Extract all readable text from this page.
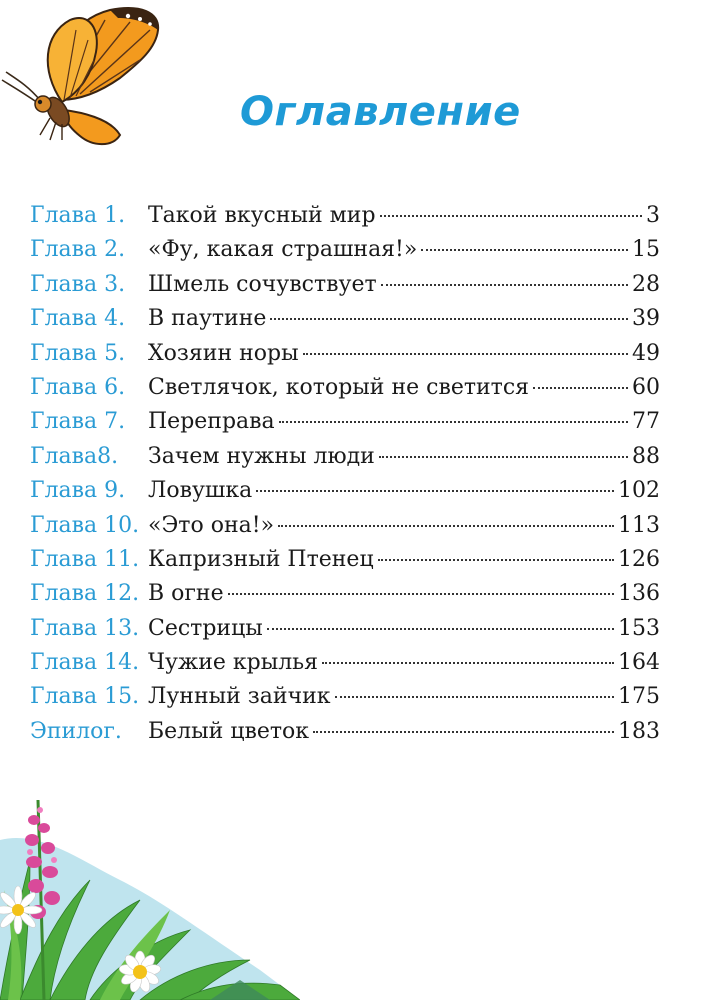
Оглавление
Глава 1.	Такой вкусный мир	3
Глава 2.	«Фу, какая страшная!»	15
Глава 3.	Шмель сочувствует	28
Глава 4.	В паутине	39
Глава 5.	Хозяин норы	49
Глава 6.	Светлячок, который не светится	60
Глава 7.	Переправа	77
Глава8.	Зачем нужны люди	88
Глава 9.	Ловушка	102
Глава 10. «Это она!»	113
Глава 11. Капризный Птенец	126
Глава 12. В огне	136
Глава 13. Сестрицы	153
Глава 14. Чужие крылья	164
Глава 15. Лунный зайчик	175
Эпилог.	Белый цветок	183
